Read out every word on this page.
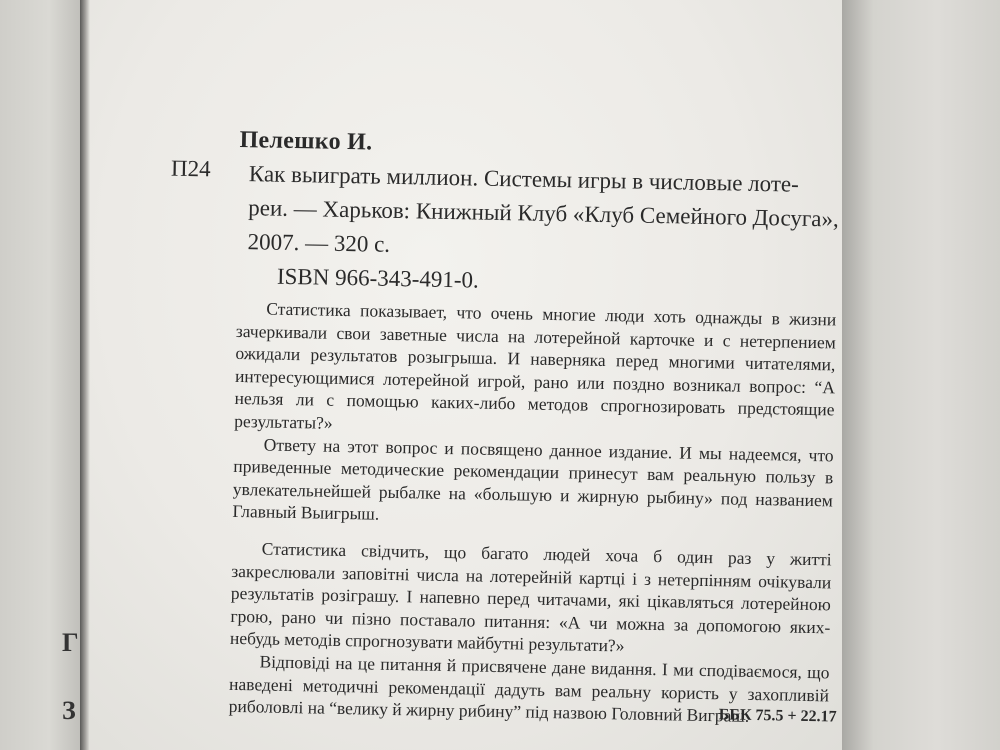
Г
З
Пелешко И.
П24 Как выиграть миллион. Системы игры в числовые лоте-
реи. — Харьков: Книжный Клуб «Клуб Семейного Досуга»,
2007. — 320 с.
ISBN 966-343-491-0.

Статистика показывает, что очень многие люди хоть однажды в жизни зачеркивали свои заветные числа на лотерейной карточке и с нетерпением ожидали результатов розыгрыша. И наверняка перед многими читателями, интересующимися лотерейной игрой, рано или поздно возникал вопрос: “А нельзя ли с помощью каких-либо методов спрогнозировать предстоящие результаты?»

Ответу на этот вопрос и посвящено данное издание. И мы надеемся, что приведенные методические рекомендации принесут вам реальную пользу в увлекательнейшей рыбалке на «большую и жирную рыбину» под названием Главный Выигрыш.

Статистика свідчить, що багато людей хоча б один раз у житті закреслювали заповітні числа на лотерейній картці і з нетерпінням очікували результатів розіграшу. І напевно перед читачами, які цікавляться лотерейною грою, рано чи пізно поставало питання: «А чи можна за допомогою яких-небудь методів спрогнозувати майбутні результати?»

Відповіді на це питання й присвячене дане видання. І ми сподіваємося, що наведені методичні рекомендації дадуть вам реальну користь у захопливій риболовлі на “велику й жирну рибину” під назвою Головний Виграш.

ББК 75.5 + 22.17
